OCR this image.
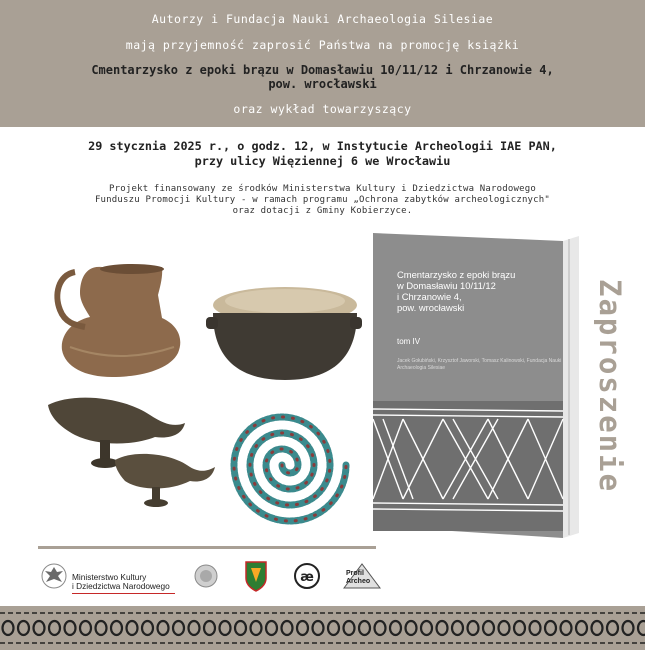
Autorzy i Fundacja Nauki Archaeologia Silesiae
mają przyjemność zaprosić Państwa na promocję książki
Cmentarzysko z epoki brązu w Domasławiu 10/11/12 i Chrzanowie 4,
pow. wrocławski
oraz wykład towarzyszący
29 stycznia 2025 r., o godz. 12, w Instytucie Archeologii IAE PAN,
przy ulicy Więziennej 6 we Wrocławiu
Projekt finansowany ze środków Ministerstwa Kultury i Dziedzictwa Narodowego
Funduszu Promocji Kultury - w ramach programu „Ochrona zabytków archeologicznych"
oraz dotacji z Gminy Kobierzyce.
Cmentarzysko z epoki brązu
w Domasławiu 10/11/12
i Chrzanowie 4,
pow. wrocławski
tom IV
Jacek Gołubiński, Krzysztof Jaworski, Tomasz Kalinowski, Fundacja Nauki Archaeologia Silesiae	Zaproszenie
Ministerstwo Kultury
i Dziedzictwa Narodowego
æ	Profil
Archeo
